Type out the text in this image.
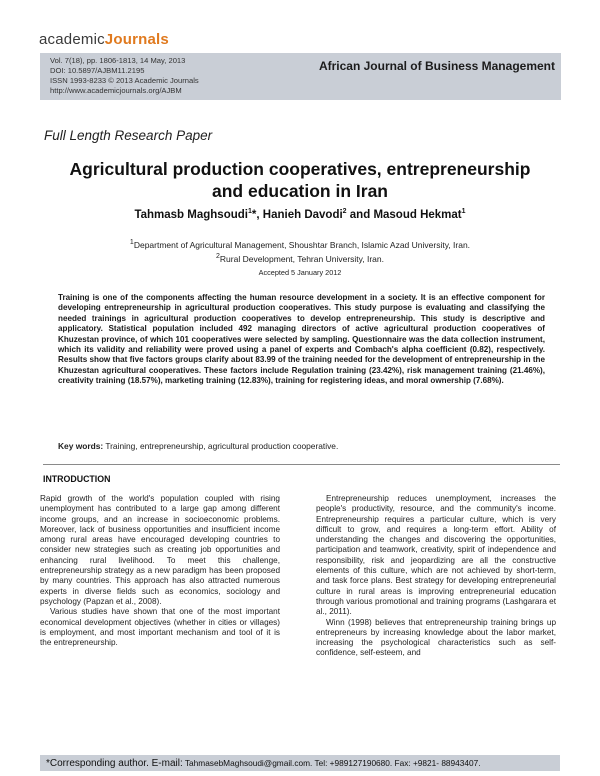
academicJournals
Vol. 7(18), pp. 1806-1813, 14 May, 2013
DOI: 10.5897/AJBM11.2195
ISSN 1993-8233 © 2013 Academic Journals
http://www.academicjournals.org/AJBM
African Journal of Business Management
Full Length Research Paper
Agricultural production cooperatives, entrepreneurship and education in Iran
Tahmasb Maghsoudi$^1$*, Hanieh Davodi$^2$ and Masoud Hekmat$^1$
$^1$Department of Agricultural Management, Shoushtar Branch, Islamic Azad University, Iran.
$^2$Rural Development, Tehran University, Iran.
Accepted 5 January 2012
Training is one of the components affecting the human resource development in a society. It is an effective component for developing entrepreneurship in agricultural production cooperatives. This study purpose is evaluating and classifying the needed trainings in agricultural production cooperatives to develop entrepreneurship. This study is descriptive and applicatory. Statistical population included 492 managing directors of active agricultural production cooperatives of Khuzestan province, of which 101 cooperatives were selected by sampling. Questionnaire was the data collection instrument, which its validity and reliability were proved using a panel of experts and Combach's alpha coefficient (0.82), respectively. Results show that five factors groups clarify about 83.99 of the training needed for the development of entrepreneurship in the Khuzestan agricultural cooperatives. These factors include Regulation training (23.42%), risk management training (21.46%), creativity training (18.57%), marketing training (12.83%), training for registering ideas, and moral ownership (7.68%).
Key words: Training, entrepreneurship, agricultural production cooperative.
INTRODUCTION

Rapid growth of the world's population coupled with rising unemployment has contributed to a large gap among different income groups, and an increase in socioeconomic problems. Moreover, lack of business opportunities and insufficient income among rural areas have encouraged developing countries to consider new strategies such as creating job opportunities and enhancing rural livelihood. To meet this challenge, entrepreneurship strategy as a new paradigm has been proposed by many countries. This approach has also attracted numerous experts in diverse fields such as economics, sociology and psychology (Papzan et al., 2008).

Various studies have shown that one of the most important economical development objectives (whether in cities or villages) is employment, and most important mechanism and tool of it is the entrepreneurship.

Entrepreneurship reduces unemployment, increases the people's productivity, resource, and the community's income. Entrepreneurship requires a particular culture, which is very difficult to grow, and requires a long-term effort. Ability of understanding the changes and discovering the opportunities, participation and teamwork, creativity, spirit of independence and responsibility, risk and jeopardizing are all the constructive elements of this culture, which are not achieved by short-term, and task force plans. Best strategy for developing entrepreneurial culture in rural areas is improving entrepreneurial education through various promotional and training programs (Lashgarara et al., 2011).

Winn (1998) believes that entrepreneurship training brings up entrepreneurs by increasing knowledge about the labor market, increasing the psychological characteristics such as self-confidence, self-esteem, and

*Corresponding author. E-mail: TahmasebMaghsoudi@gmail.com. Tel: +989127190680. Fax: +9821- 88943407.
